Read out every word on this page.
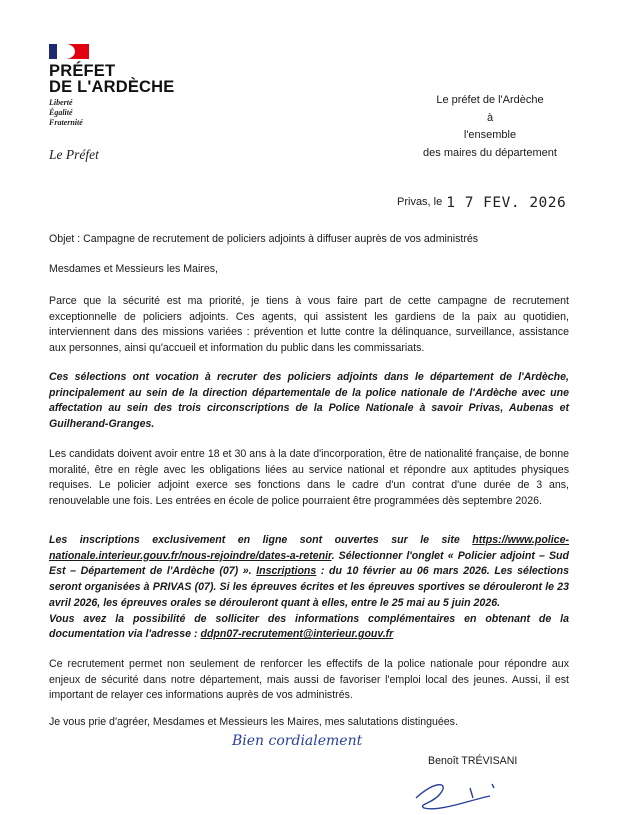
PRÉFET
DE L'ARDÈCHE
Liberté
Égalité
Fraternité
Le Préfet
Le préfet de l'Ardèche
à
l'ensemble
des maires du département
Privas, le 1 7 FEV. 2026
Objet : Campagne de recrutement de policiers adjoints à diffuser auprès de vos administrés
Mesdames et Messieurs les Maires,
Parce que la sécurité est ma priorité, je tiens à vous faire part de cette campagne de recrutement exceptionnelle de policiers adjoints. Ces agents, qui assistent les gardiens de la paix au quotidien, interviennent dans des missions variées : prévention et lutte contre la délinquance, surveillance, assistance aux personnes, ainsi qu'accueil et information du public dans les commissariats.
Ces sélections ont vocation à recruter des policiers adjoints dans le département de l'Ardèche, principalement au sein de la direction départementale de la police nationale de l'Ardèche avec une affectation au sein des trois circonscriptions de la Police Nationale à savoir Privas, Aubenas et Guilherand-Granges.
Les candidats doivent avoir entre 18 et 30 ans à la date d'incorporation, être de nationalité française, de bonne moralité, être en règle avec les obligations liées au service national et répondre aux aptitudes physiques requises. Le policier adjoint exerce ses fonctions dans le cadre d'un contrat d'une durée de 3 ans, renouvelable une fois. Les entrées en école de police pourraient être programmées dès septembre 2026.
Les inscriptions exclusivement en ligne sont ouvertes sur le site https://www.police-nationale.interieur.gouv.fr/nous-rejoindre/dates-a-retenir. Sélectionner l'onglet « Policier adjoint – Sud Est – Département de l'Ardèche (07) ». Inscriptions : du 10 février au 06 mars 2026. Les sélections seront organisées à PRIVAS (07). Si les épreuves écrites et les épreuves sportives se dérouleront le 23 avril 2026, les épreuves orales se dérouleront quant à elles, entre le 25 mai au 5 juin 2026.
Vous avez la possibilité de solliciter des informations complémentaires en obtenant de la documentation via l'adresse : ddpn07-recrutement@interieur.gouv.fr
Ce recrutement permet non seulement de renforcer les effectifs de la police nationale pour répondre aux enjeux de sécurité dans notre département, mais aussi de favoriser l'emploi local des jeunes. Aussi, il est important de relayer ces informations auprès de vos administrés.
Je vous prie d'agréer, Mesdames et Messieurs les Maires, mes salutations distinguées.
Bien cordialement
Benoît TRÉVISANI
